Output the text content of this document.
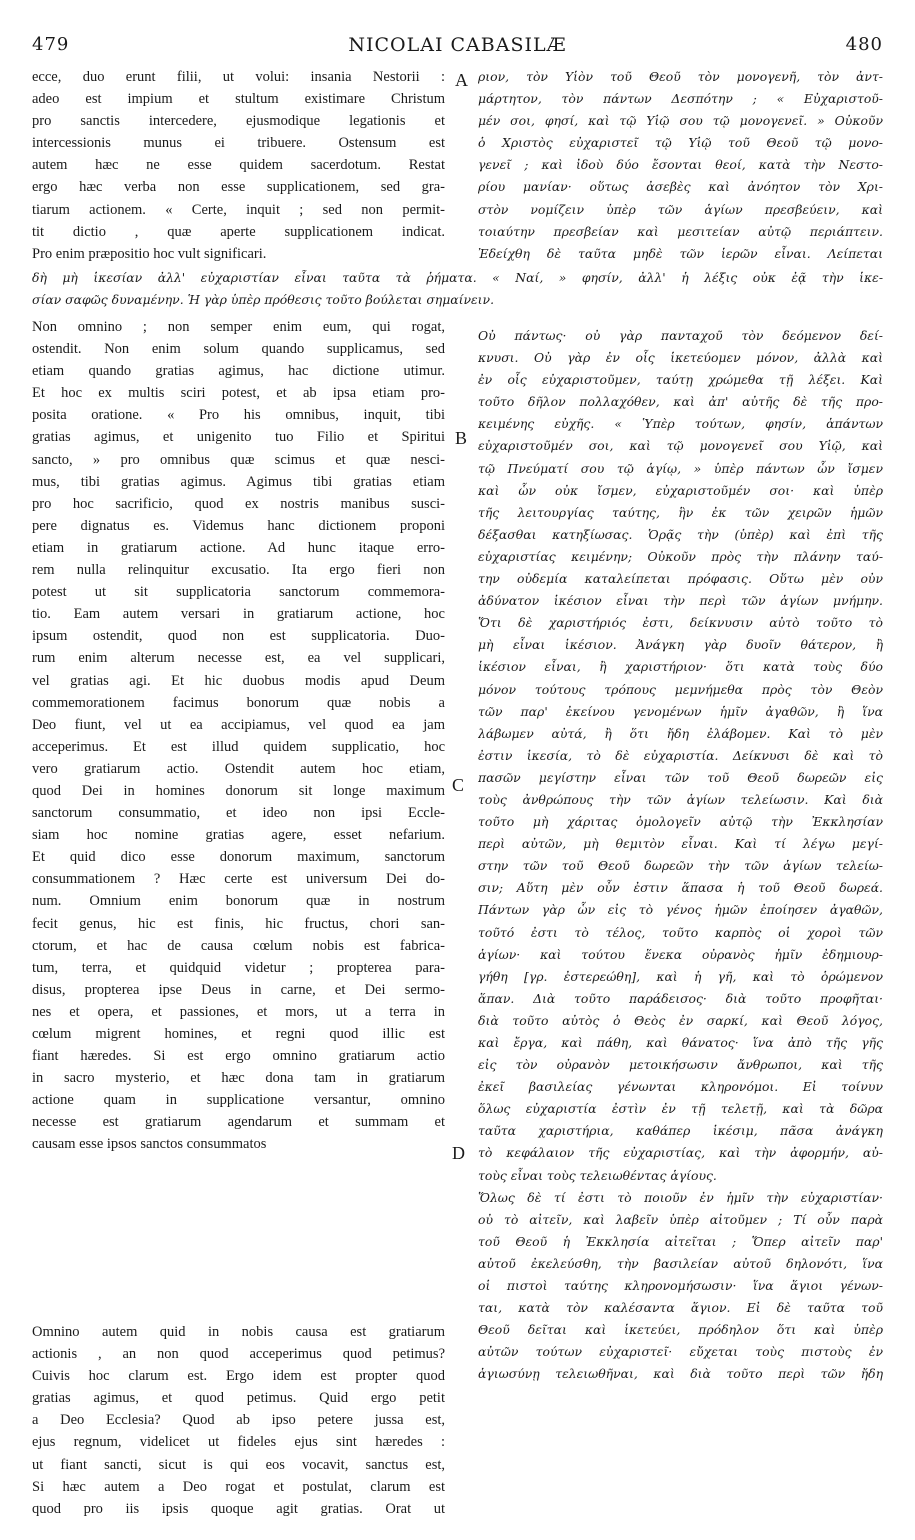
479	NICOLAI CABASILÆ	480
A
B
C
D
ecce, duo erunt filii, ut volui: insania Nestorii :
adeo est impium et stultum existimare Christum
pro sanctis intercedere, ejusmodique legationis et
intercessionis munus ei tribuere. Ostensum est
autem hæc ne esse quidem sacerdotum. Restat
ergo hæc verba non esse supplicationem, sed gra-
tiarum actionem. « Certe, inquit ; sed non permit-
tit dictio , quæ aperte supplicationem indicat.
Pro enim præpositio hoc vult significari.
ριον, τὸν Υἱὸν τοῦ Θεοῦ τὸν μονογενῆ, τὸν ἀντ-
μάρτητον, τὸν πάντων Δεσπότην ; « Εὐχαριστοῦ-
μέν σοι, φησί, καὶ τῷ Υἱῷ σου τῷ μονογενεῖ. » Οὐκοῦν
ὁ Χριστὸς εὐχαριστεῖ τῷ Υἱῷ τοῦ Θεοῦ τῷ μονο-
γενεῖ ; καὶ ἰδοὺ δύο ἔσονται θεοί, κατὰ τὴν Νεστο-
ρίου μανίαν· οὕτως ἀσεβὲς καὶ ἀνόητον τὸν Χρι-
στὸν νομίζειν ὑπὲρ τῶν ἁγίων πρεσβεύειν, καὶ
τοιαύτην πρεσβείαν καὶ μεσιτείαν αὐτῷ περιάπτειν.
Ἐδείχθη δὲ ταῦτα μηδὲ τῶν ἱερῶν εἶναι. Λείπεται
δὴ μὴ ἱκεσίαν ἀλλ' εὐχαριστίαν εἶναι ταῦτα τὰ ῥήματα. « Ναί, » φησίν, ἀλλ' ἡ λέξις οὐκ ἐᾷ τὴν ἱκε-
σίαν σαφῶς δυναμένην. Ἡ γὰρ ὑπὲρ πρόθεσις τοῦτο βούλεται σημαίνειν.
Non omnino ; non semper enim eum, qui rogat,
ostendit. Non enim solum quando supplicamus, sed
etiam quando gratias agimus, hac dictione utimur.
Et hoc ex multis sciri potest, et ab ipsa etiam pro-
posita oratione. « Pro his omnibus, inquit, tibi
gratias agimus, et unigenito tuo Filio et Spiritui
sancto, » pro omnibus quæ scimus et quæ nesci-
mus, tibi gratias agimus. Agimus tibi gratias etiam
pro hoc sacrificio, quod ex nostris manibus susci-
pere dignatus es. Videmus hanc dictionem proponi
etiam in gratiarum actione. Ad hunc itaque erro-
rem nulla relinquitur excusatio. Ita ergo fieri non
potest ut sit supplicatoria sanctorum commemora-
tio. Eam autem versari in gratiarum actione, hoc
ipsum ostendit, quod non est supplicatoria. Duo-
rum enim alterum necesse est, ea vel supplicari,
vel gratias agi. Et hic duobus modis apud Deum
commemorationem facimus bonorum quæ nobis a
Deo fiunt, vel ut ea accipiamus, vel quod ea jam
acceperimus. Et est illud quidem supplicatio, hoc
vero gratiarum actio. Ostendit autem hoc etiam,
quod Dei in homines donorum sit longe maximum
sanctorum consummatio, et ideo non ipsi Eccle-
siam hoc nomine gratias agere, esset nefarium.
Et quid dico esse donorum maximum, sanctorum
consummationem ? Hæc certe est universum Dei do-
num. Omnium enim bonorum quæ in nostrum
fecit genus, hic est finis, hic fructus, chori san-
ctorum, et hac de causa cœlum nobis est fabrica-
tum, terra, et quidquid videtur ; propterea para-
disus, propterea ipse Deus in carne, et Dei sermo-
nes et opera, et passiones, et mors, ut a terra in
cœlum migrent homines, et regni quod illic est
fiant hæredes. Si est ergo omnino gratiarum actio
in sacro mysterio, et hæc dona tam in gratiarum
actione quam in supplicatione versantur, omnino
necesse est gratiarum agendarum et summam et
causam esse ipsos sanctos consummatos
Omnino autem quid in nobis causa est gratiarum
actionis , an non quod acceperimus quod petimus?
Cuivis hoc clarum est. Ergo idem est propter quod
gratias agimus, et quod petimus. Quid ergo petit
a Deo Ecclesia? Quod ab ipso petere jussa est,
ejus regnum, videlicet ut fideles ejus sint hæredes :
ut fiant sancti, sicut is qui eos vocavit, sanctus est,
Si hæc autem a Deo rogat et postulat, clarum est
quod pro iis ipsis quoque agit gratias. Orat ut
Οὐ πάντως· οὐ γὰρ πανταχοῦ τὸν δεόμενον δεί-
κνυσι. Οὐ γὰρ ἐν οἷς ἱκετεύομεν μόνον, ἀλλὰ καὶ
ἐν οἷς εὐχαριστοῦμεν, ταύτῃ χρώμεθα τῇ λέξει. Καὶ
τοῦτο δῆλον πολλαχόθεν, καὶ ἀπ' αὐτῆς δὲ τῆς προ-
κειμένης εὐχῆς. « Ὑπὲρ τούτων, φησίν, ἁπάντων
εὐχαριστοῦμέν σοι, καὶ τῷ μονογενεῖ σου Υἱῷ, καὶ
τῷ Πνεύματί σου τῷ ἁγίῳ, » ὑπὲρ πάντων ὧν ἴσμεν
καὶ ὧν οὐκ ἴσμεν, εὐχαριστοῦμέν σοι· καὶ ὑπὲρ
τῆς λειτουργίας ταύτης, ἣν ἐκ τῶν χειρῶν ἡμῶν
δέξασθαι κατηξίωσας. Ὁρᾷς τὴν (ὑπὲρ) καὶ ἐπὶ τῆς
εὐχαριστίας κειμένην; Οὐκοῦν πρὸς τὴν πλάνην ταύ-
την οὐδεμία καταλείπεται πρόφασις. Οὕτω μὲν οὐν
ἀδύνατον ἱκέσιον εἶναι τὴν περὶ τῶν ἁγίων μνήμην.
Ὅτι δὲ χαριστήριός ἐστι, δείκνυσιν αὐτὸ τοῦτο τὸ
μὴ εἶναι ἱκέσιον. Ἀνάγκη γὰρ δυοῖν θάτερον, ἢ
ἱκέσιον εἶναι, ἢ χαριστήριον· ὅτι κατὰ τοὺς δύο
μόνον τούτους τρόπους μεμνήμεθα πρὸς τὸν Θεὸν
τῶν παρ' ἐκείνου γενομένων ἡμῖν ἀγαθῶν, ἢ ἵνα
λάβωμεν αὐτά, ἢ ὅτι ἤδη ἐλάβομεν. Καὶ τὸ μὲν
ἐστιν ἱκεσία, τὸ δὲ εὐχαριστία. Δείκνυσι δὲ καὶ τὸ
πασῶν μεγίστην εἶναι τῶν τοῦ Θεοῦ δωρεῶν εἰς
τοὺς ἀνθρώπους τὴν τῶν ἁγίων τελείωσιν. Καὶ διὰ
τοῦτο μὴ χάριτας ὁμολογεῖν αὐτῷ τὴν Ἐκκλησίαν
περὶ αὐτῶν, μὴ θεμιτὸν εἶναι. Καὶ τί λέγω μεγί-
στην τῶν τοῦ Θεοῦ δωρεῶν τὴν τῶν ἁγίων τελείω-
σιν; Αὕτη μὲν οὖν ἐστιν ἅπασα ἡ τοῦ Θεοῦ δωρεά.
Πάντων γὰρ ὧν εἰς τὸ γένος ἡμῶν ἐποίησεν ἀγαθῶν,
τοῦτό ἐστι τὸ τέλος, τοῦτο καρπὸς οἱ χοροὶ τῶν
ἁγίων· καὶ τούτου ἕνεκα οὐρανὸς ἡμῖν ἐδημιουρ-
γήθη [γρ. ἐστερεώθη], καὶ ἡ γῆ, καὶ τὸ ὁρώμενον
ἅπαν. Διὰ τοῦτο παράδεισος· διὰ τοῦτο προφῆται·
διὰ τοῦτο αὐτὸς ὁ Θεὸς ἐν σαρκί, καὶ Θεοῦ λόγος,
καὶ ἔργα, καὶ πάθη, καὶ θάνατος· ἵνα ἀπὸ τῆς γῆς
εἰς τὸν οὐρανὸν μετοικήσωσιν ἄνθρωποι, καὶ τῆς
ἐκεῖ βασιλείας γένωνται κληρονόμοι. Εἰ τοίνυν
ὅλως εὐχαριστία ἐστὶν ἐν τῇ τελετῇ, καὶ τὰ δῶρα
ταῦτα χαριστήρια, καθάπερ ἱκέσιμ, πᾶσα ἀνάγκη
τὸ κεφάλαιον τῆς εὐχαριστίας, καὶ τὴν ἀφορμήν, αὐ-
τοὺς εἶναι τοὺς τελειωθέντας ἁγίους.
Ὅλως δὲ τί ἐστι τὸ ποιοῦν ἐν ἡμῖν τὴν εὐχαριστίαν·
οὐ τὸ αἰτεῖν, καὶ λαβεῖν ὑπὲρ αἰτοῦμεν ; Τί οὖν παρὰ
τοῦ Θεοῦ ἡ Ἐκκλησία αἰτεῖται ; Ὅπερ αἰτεῖν παρ'
αὐτοῦ ἐκελεύσθη, τὴν βασιλείαν αὐτοῦ δηλονότι, ἵνα
οἱ πιστοὶ ταύτης κληρονομήσωσιν· ἵνα ἅγιοι γένων-
ται, κατὰ τὸν καλέσαντα ἅγιον. Εἰ δὲ ταῦτα τοῦ
Θεοῦ δεῖται καὶ ἱκετεύει, πρόδηλον ὅτι καὶ ὑπὲρ
αὐτῶν τούτων εὐχαριστεῖ· εὔχεται τοὺς πιστοὺς ἐν
ἁγιωσύνῃ τελειωθῆναι, καὶ διὰ τοῦτο περὶ τῶν ἤδη
